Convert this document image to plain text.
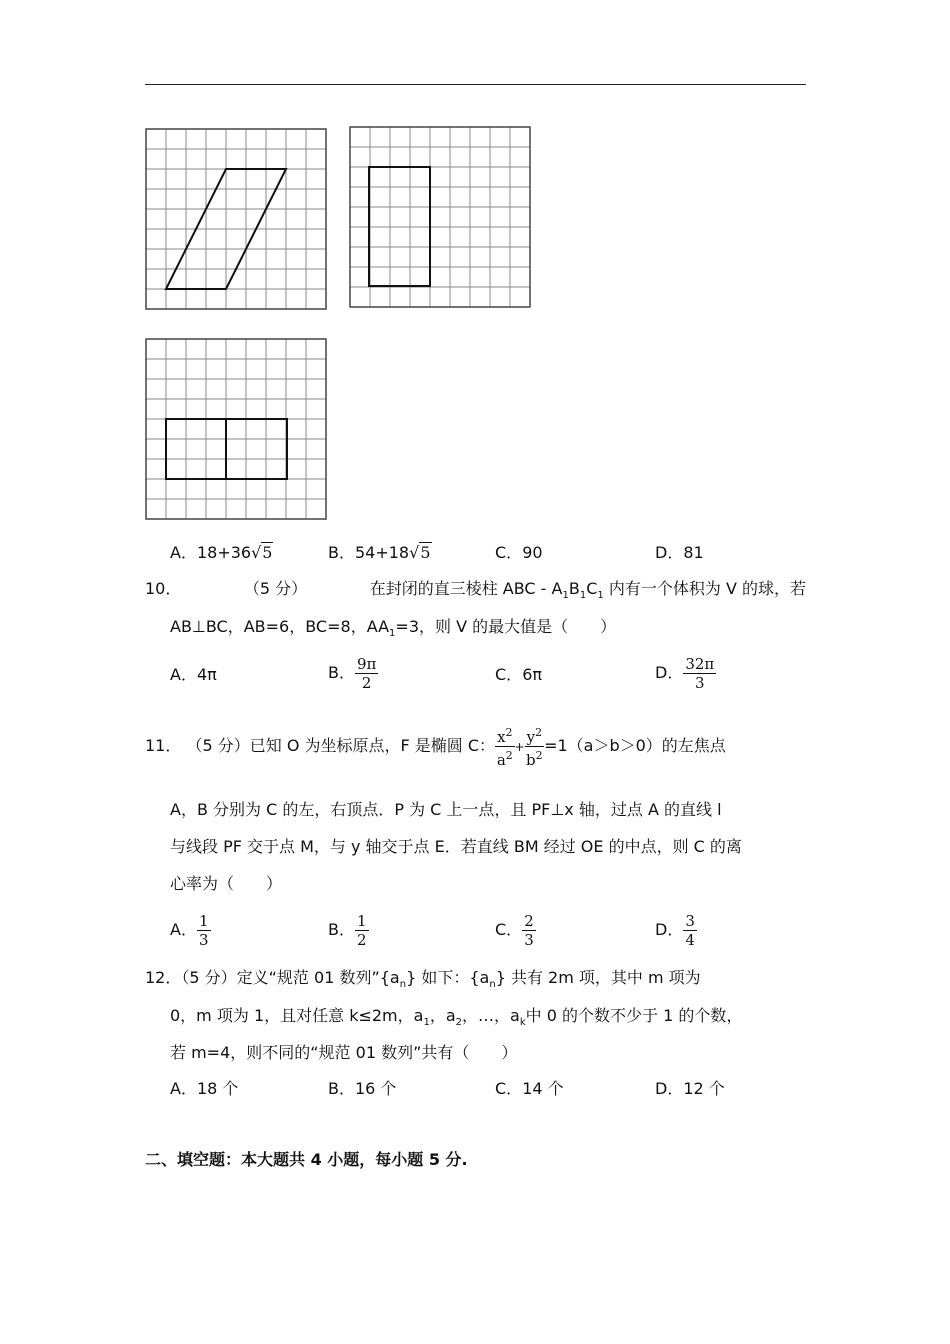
A．18+36√5	B．54+18√5	C．90	D．81
10．	（5 分）	在封闭的直三棱柱 ABC ‑ $A_1B_1C_1$ 内有一个体积为 V 的球，若
AB⊥BC，AB=6，BC=8，$AA_1=3$，则 V 的最大值是（　　）
A．4π	B． $\frac{9\pi}{2}$	C．6π	D． $\frac{32\pi}{3}$
11． （5 分）已知 O 为坐标原点，F 是椭圆 C： $\frac{x^2}{a^2} + \frac{y^2}{b^2} =1(a>b>0)$的左焦点
A，B 分别为 C 的左，右顶点．P 为 C 上一点，且 PF⊥x 轴，过点 A 的直线 l
与线段 PF 交于点 M，与 y 轴交于点 E．若直线 BM 经过 OE 的中点，则 C 的离
心率为（　　）
A． $\frac{1}{3}$	B． $\frac{1}{2}$	C． $\frac{2}{3}$	D． $\frac{3}{4}$
12．（5 分）定义“规范 01 数列$”\{a_n\}$ 如下：$\{a_n\}$ 共有 2m 项，其中 m 项为
0，m 项为 1，且对任意 k≤2m，$a_1$，$a_2$，…，$a_k$中 0 的个数不少于 1 的个数，
若 m=4，则不同的“规范 01 数列”共有（　　）
A．18 个	B．16 个	C．14 个	D．12 个
二、填空题：本大题共 4 小题，每小题 5 分.
